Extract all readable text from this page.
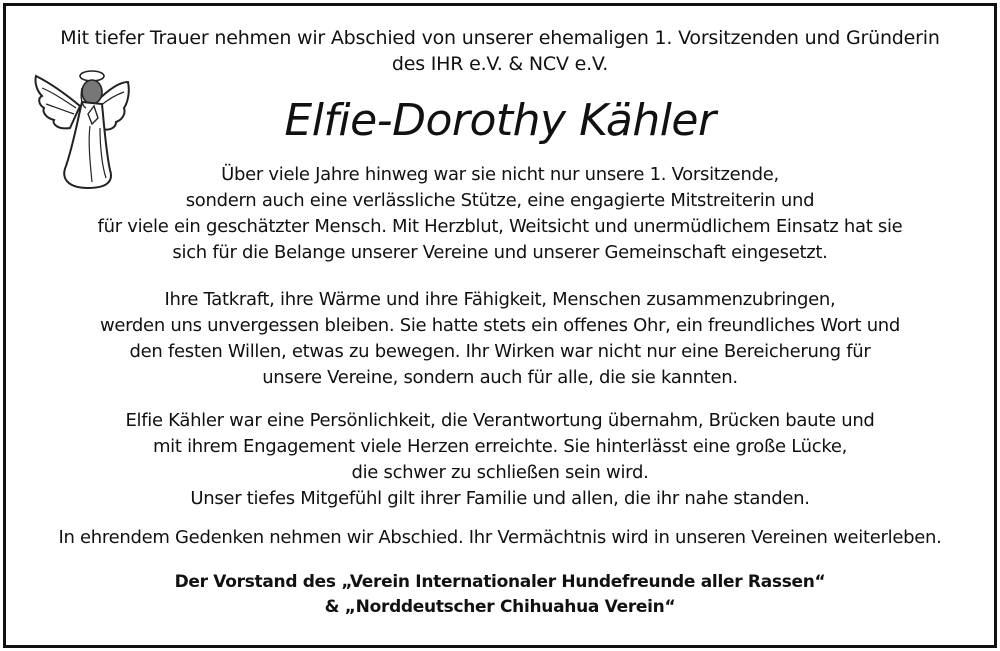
Mit tiefer Trauer nehmen wir Abschied von unserer ehemaligen 1. Vorsitzenden und Gründerin
des IHR e.V. & NCV e.V.
Elfie-Dorothy Kähler
Über viele Jahre hinweg war sie nicht nur unsere 1. Vorsitzende,
sondern auch eine verlässliche Stütze, eine engagierte Mitstreiterin und
für viele ein geschätzter Mensch. Mit Herzblut, Weitsicht und unermüdlichem Einsatz hat sie
sich für die Belange unserer Vereine und unserer Gemeinschaft eingesetzt.
Ihre Tatkraft, ihre Wärme und ihre Fähigkeit, Menschen zusammenzubringen,
werden uns unvergessen bleiben. Sie hatte stets ein offenes Ohr, ein freundliches Wort und
den festen Willen, etwas zu bewegen. Ihr Wirken war nicht nur eine Bereicherung für
unsere Vereine, sondern auch für alle, die sie kannten.
Elfie Kähler war eine Persönlichkeit, die Verantwortung übernahm, Brücken baute und
mit ihrem Engagement viele Herzen erreichte. Sie hinterlässt eine große Lücke,
die schwer zu schließen sein wird.
Unser tiefes Mitgefühl gilt ihrer Familie und allen, die ihr nahe standen.
In ehrendem Gedenken nehmen wir Abschied. Ihr Vermächtnis wird in unseren Vereinen weiterleben.
Der Vorstand des „Verein Internationaler Hundefreunde aller Rassen“
& „Norddeutscher Chihuahua Verein“
